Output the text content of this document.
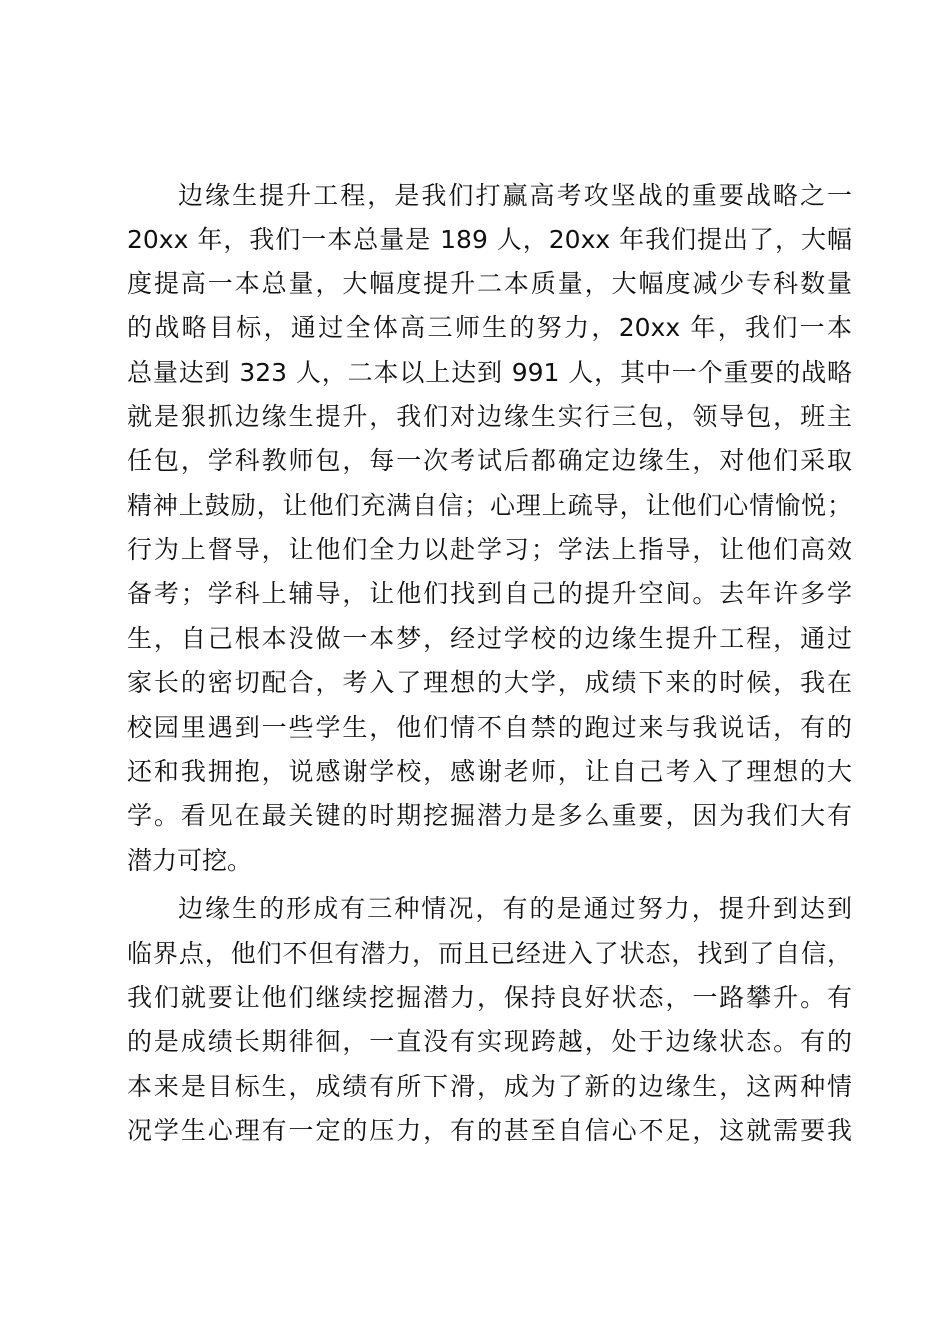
边缘生提升工程，是我们打赢高考攻坚战的重要战略之一
20xx 年，我们一本总量是 189 人，20xx 年我们提出了，大幅
度提高一本总量，大幅度提升二本质量，大幅度减少专科数量
的战略目标，通过全体高三师生的努力，20xx 年，我们一本
总量达到 323 人，二本以上达到 991 人，其中一个重要的战略
就是狠抓边缘生提升，我们对边缘生实行三包，领导包，班主
任包，学科教师包，每一次考试后都确定边缘生，对他们采取
精神上鼓励，让他们充满自信；心理上疏导，让他们心情愉悦；
行为上督导，让他们全力以赴学习；学法上指导，让他们高效
备考；学科上辅导，让他们找到自己的提升空间。去年许多学
生，自己根本没做一本梦，经过学校的边缘生提升工程，通过
家长的密切配合，考入了理想的大学，成绩下来的时候，我在
校园里遇到一些学生，他们情不自禁的跑过来与我说话，有的
还和我拥抱，说感谢学校，感谢老师，让自己考入了理想的大
学。看见在最关键的时期挖掘潜力是多么重要，因为我们大有
潜力可挖。
边缘生的形成有三种情况，有的是通过努力，提升到达到
临界点，他们不但有潜力，而且已经进入了状态，找到了自信，
我们就要让他们继续挖掘潜力，保持良好状态，一路攀升。有
的是成绩长期徘徊，一直没有实现跨越，处于边缘状态。有的
本来是目标生，成绩有所下滑，成为了新的边缘生，这两种情
况学生心理有一定的压力，有的甚至自信心不足，这就需要我
